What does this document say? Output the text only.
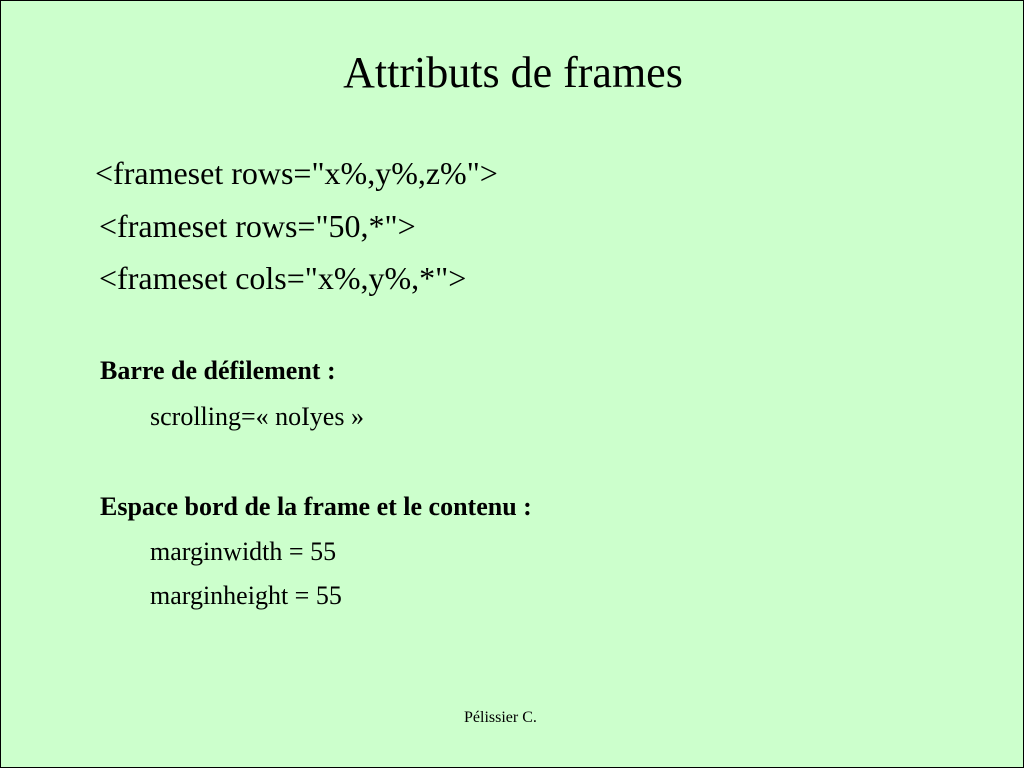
Attributs de frames
<frameset rows="x%,y%,z%">
<frameset rows="50,*">
<frameset cols="x%,y%,*">
Barre de défilement :
scrolling=« noIyes »
Espace bord de la frame et le contenu :
marginwidth = 55
marginheight = 55
Pélissier C.
